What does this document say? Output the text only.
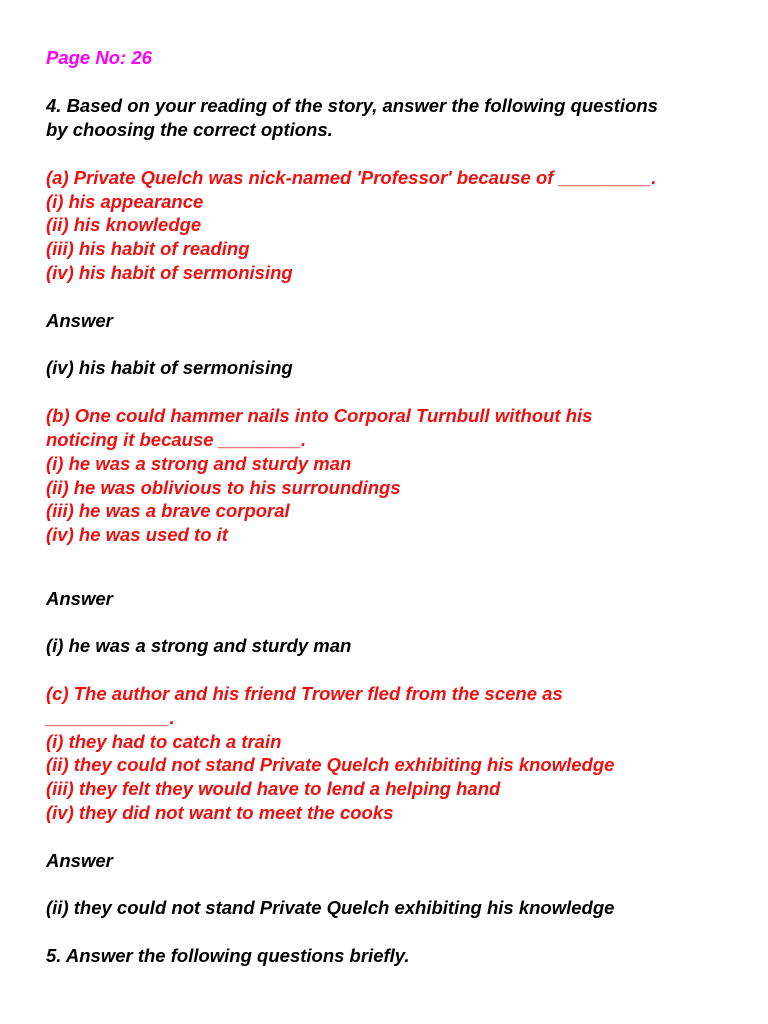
Page No: 26
4. Based on your reading of the story, answer the following questions
by choosing the correct options.
(a) Private Quelch was nick-named 'Professor' because of _________.
(i) his appearance
(ii) his knowledge
(iii) his habit of reading
(iv) his habit of sermonising
Answer
(iv) his habit of sermonising
(b) One could hammer nails into Corporal Turnbull without his
noticing it because ________.
(i) he was a strong and sturdy man
(ii) he was oblivious to his surroundings
(iii) he was a brave corporal
(iv) he was used to it
Answer
(i) he was a strong and sturdy man
(c) The author and his friend Trower fled from the scene as
____________.
(i) they had to catch a train
(ii) they could not stand Private Quelch exhibiting his knowledge
(iii) they felt they would have to lend a helping hand
(iv) they did not want to meet the cooks
Answer
(ii) they could not stand Private Quelch exhibiting his knowledge
5. Answer the following questions briefly.
